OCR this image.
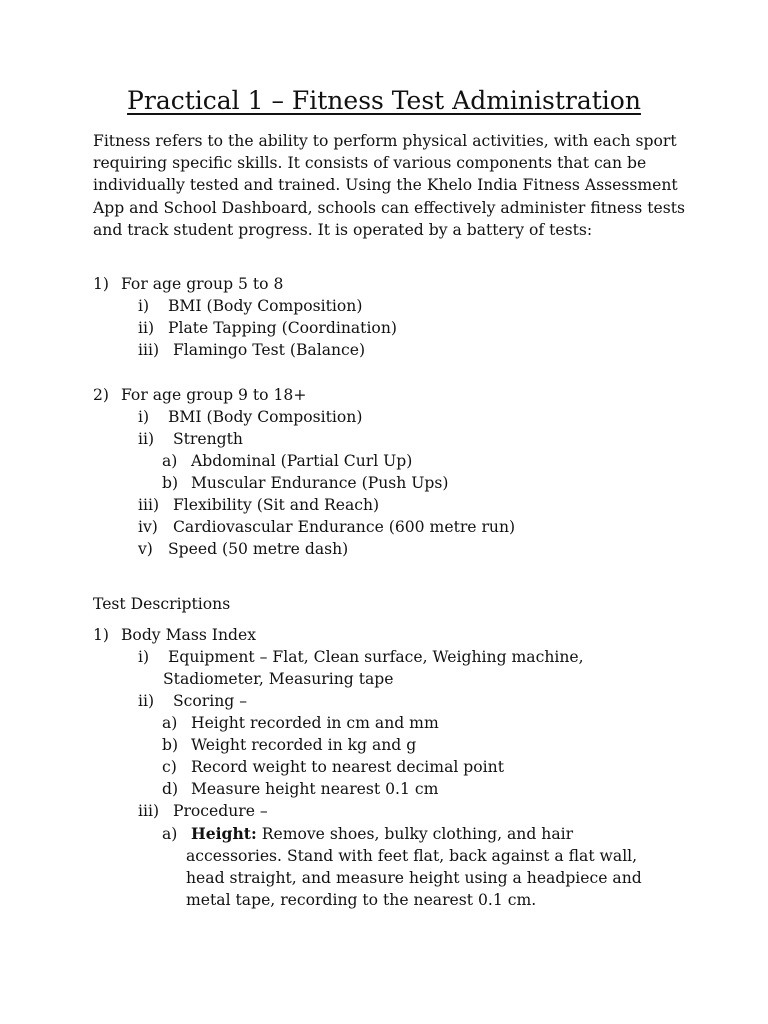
Practical 1 – Fitness Test Administration

Fitness refers to the ability to perform physical activities, with each sport requiring specific skills. It consists of various components that can be individually tested and trained. Using the Khelo India Fitness Assessment App and School Dashboard, schools can effectively administer fitness tests and track student progress. It is operated by a battery of tests:

1) For age group 5 to 8
i) BMI (Body Composition)
ii) Plate Tapping (Coordination)
iii) Flamingo Test (Balance)
2) For age group 9 to 18+
i) BMI (Body Composition)
ii) Strength
a) Abdominal (Partial Curl Up)
b) Muscular Endurance (Push Ups)
iii) Flexibility (Sit and Reach)
iv) Cardiovascular Endurance (600 metre run)
v) Speed (50 metre dash)
Test Descriptions
1) Body Mass Index
i) Equipment – Flat, Clean surface, Weighing machine,
Stadiometer, Measuring tape
ii) Scoring –
a) Height recorded in cm and mm
b) Weight recorded in kg and g
c) Record weight to nearest decimal point
d) Measure height nearest 0.1 cm
iii) Procedure –
a) Height: Remove shoes, bulky clothing, and hair
accessories. Stand with feet flat, back against a flat wall,
head straight, and measure height using a headpiece and
metal tape, recording to the nearest 0.1 cm.
